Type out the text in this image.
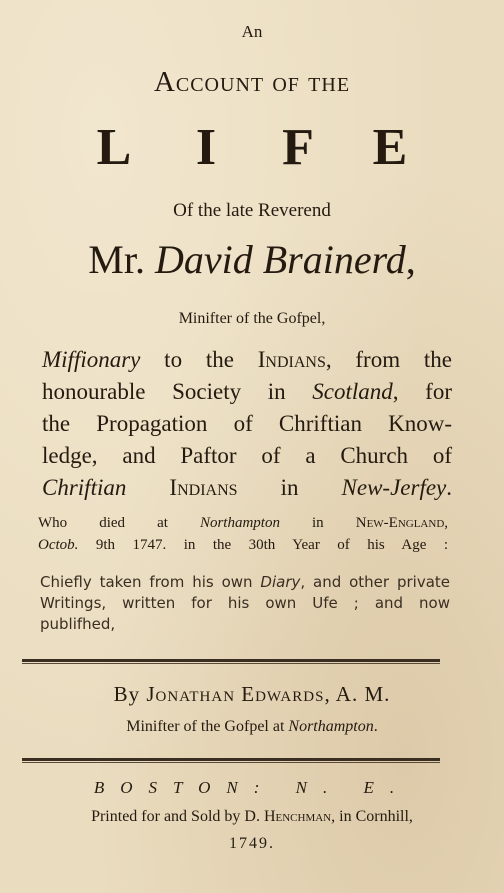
An
Account of the
L I F E
Of the late Reverend
Mr. David Brainerd,
Minifter of the Gofpel,
Miffionary to the Indians, from the
honourable Society in Scotland, for
the Propagation of Chriftian Know-
ledge, and Paftor of a Church of
Chriftian Indians in New-Jerfey.
Who died at Northampton in New-England,
Octob. 9th 1747. in the 30th Year of his Age :
Chiefly taken from his own Diary, and other private
Writings, written for his own Ufe ; and now
publifhed,
By Jonathan Edwards, A. M.
Minifter of the Gofpel at Northampton.
BOSTON: N. E.
Printed for and Sold by D. Henchman, in Cornhill,
1749.
